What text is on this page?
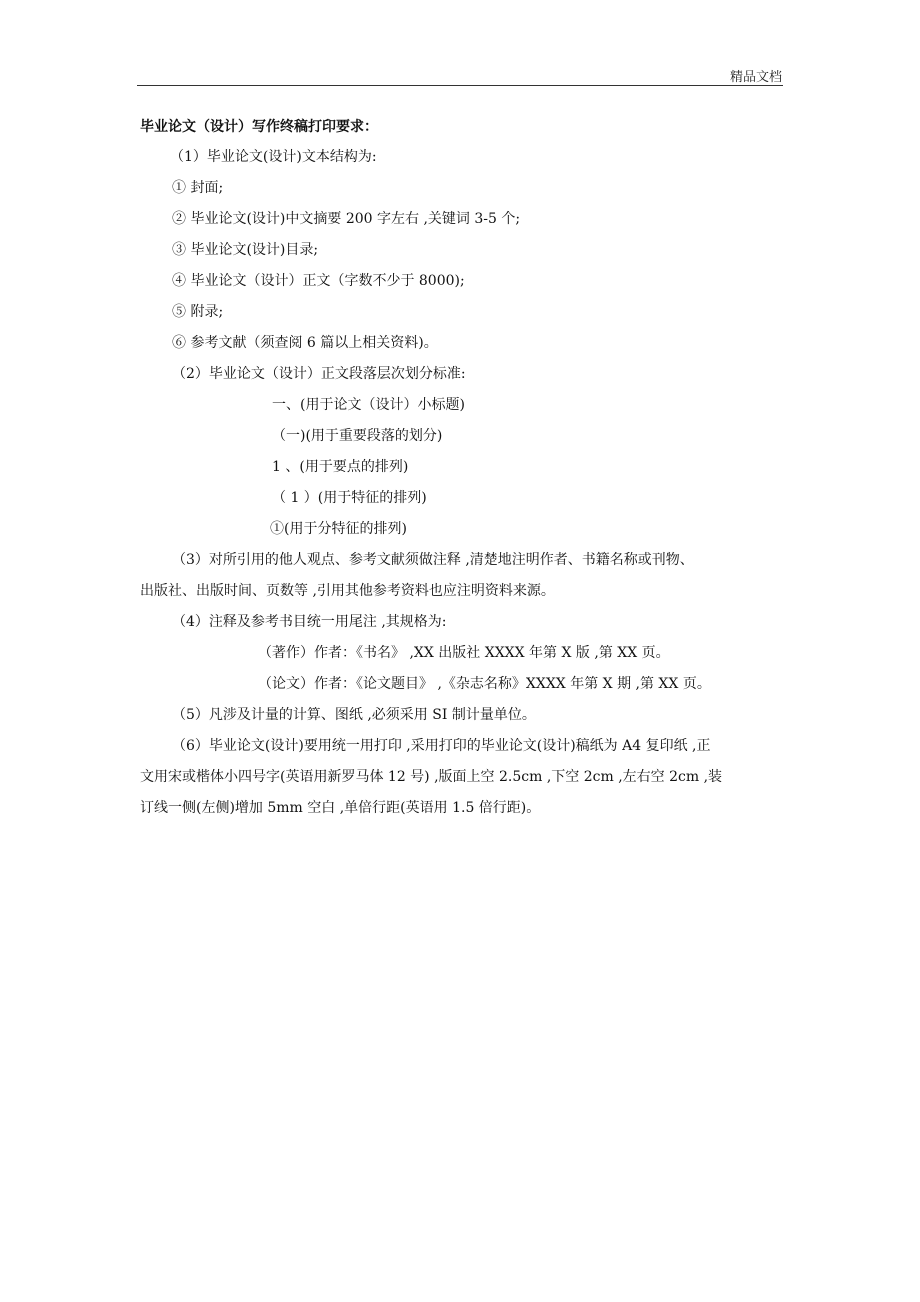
精品文档
毕业论文（设计）写作终稿打印要求：
（1）毕业论文(设计)文本结构为:
① 封面;
② 毕业论文(设计)中文摘要 200 字左右 ,关键词 3-5 个;
③ 毕业论文(设计)目录;
④ 毕业论文（设计）正文（字数不少于 8000);
⑤ 附录;
⑥ 参考文献（须查阅 6 篇以上相关资料)。
（2）毕业论文（设计）正文段落层次划分标准:
一、(用于论文（设计）小标题)
（一)(用于重要段落的划分)
1 、(用于要点的排列)
（ 1 ）(用于特征的排列)
①(用于分特征的排列)
（3）对所引用的他人观点、参考文献须做注释 ,清楚地注明作者、书籍名称或刊物、
出版社、出版时间、页数等 ,引用其他参考资料也应注明资料来源。
（4）注释及参考书目统一用尾注 ,其规格为:
（著作）作者：《书名》 ,XX 出版社 XXXX 年第 X 版 ,第 XX 页。
（论文）作者：《论文题目》 ,《杂志名称》XXXX 年第 X 期 ,第 XX 页。
（5）凡涉及计量的计算、图纸 ,必须采用 SI 制计量单位。
（6）毕业论文(设计)要用统一用打印 ,采用打印的毕业论文(设计)稿纸为 A4 复印纸 ,正
文用宋或楷体小四号字(英语用新罗马体 12 号) ,版面上空 2.5cm ,下空 2cm ,左右空 2cm ,装
订线一侧(左侧)增加 5mm 空白 ,单倍行距(英语用 1.5 倍行距)。
